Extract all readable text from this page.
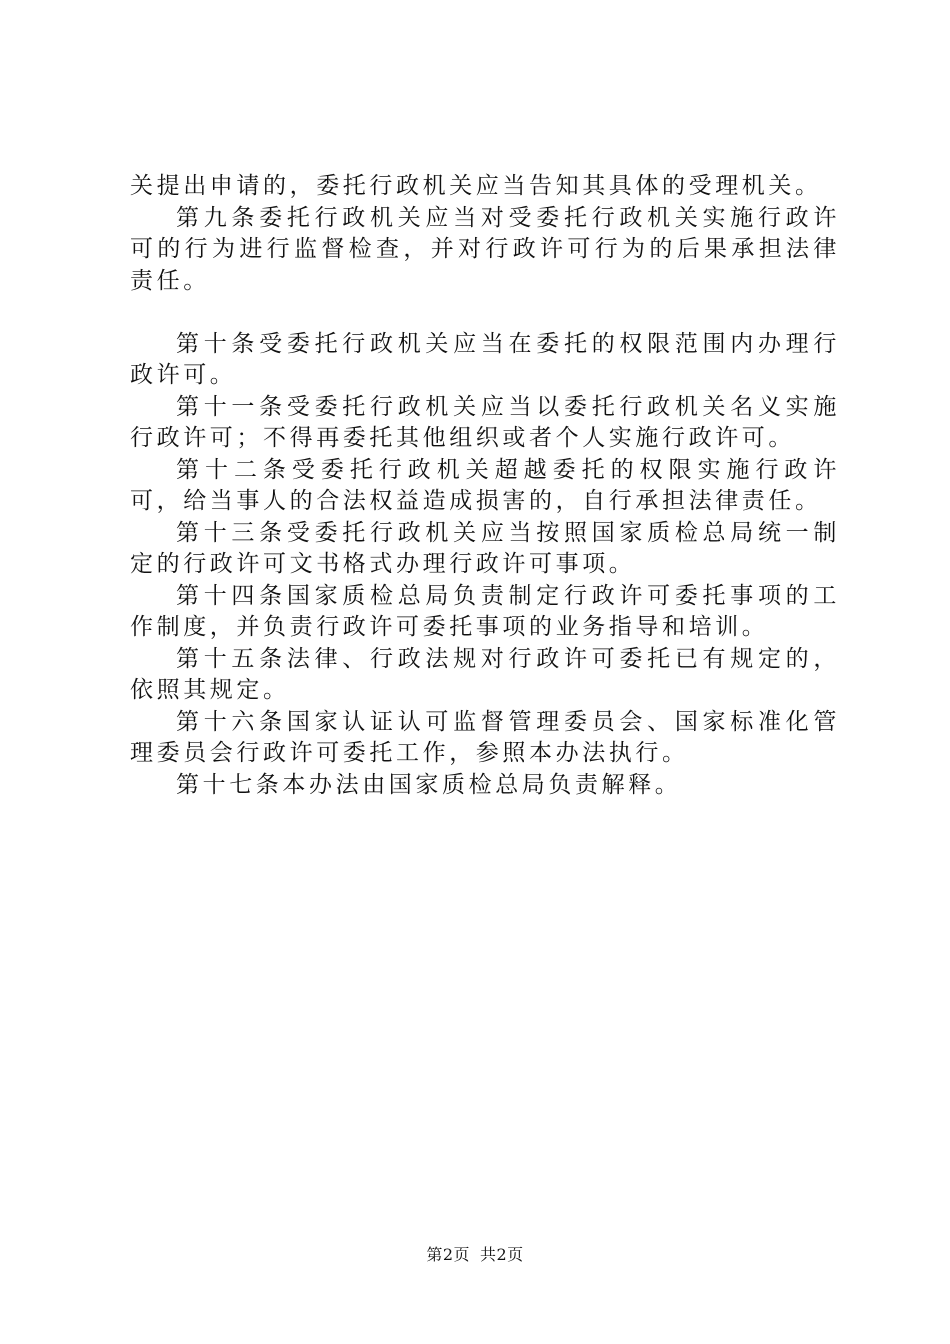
关提出申请的，委托行政机关应当告知其具体的受理机关。

第九条委托行政机关应当对受委托行政机关实施行政许可的行为进行监督检查，并对行政许可行为的后果承担法律责任。

第十条受委托行政机关应当在委托的权限范围内办理行政许可。

第十一条受委托行政机关应当以委托行政机关名义实施行政许可；不得再委托其他组织或者个人实施行政许可。

第十二条受委托行政机关超越委托的权限实施行政许可，给当事人的合法权益造成损害的，自行承担法律责任。

第十三条受委托行政机关应当按照国家质检总局统一制定的行政许可文书格式办理行政许可事项。

第十四条国家质检总局负责制定行政许可委托事项的工作制度，并负责行政许可委托事项的业务指导和培训。

第十五条法律、行政法规对行政许可委托已有规定的，依照其规定。

第十六条国家认证认可监督管理委员会、国家标准化管理委员会行政许可委托工作，参照本办法执行。

第十七条本办法由国家质检总局负责解释。

第2页 共2页
